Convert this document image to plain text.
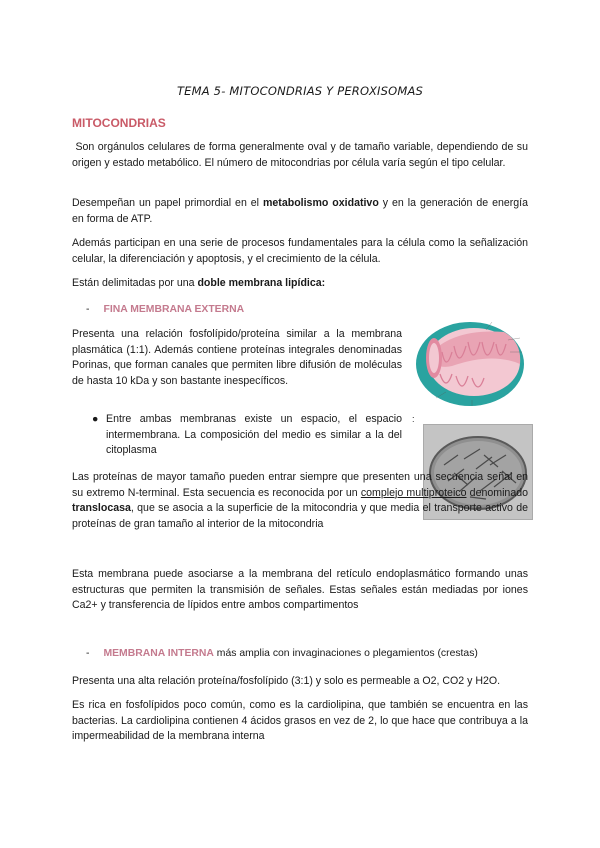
TEMA 5- MITOCONDRIAS Y PEROXISOMAS
MITOCONDRIAS

Son orgánulos celulares de forma generalmente oval y de tamaño variable, dependiendo de su origen y estado metabólico. El número de mitocondrias por célula varía según el tipo celular.

Desempeñan un papel primordial en el metabolismo oxidativo y en la generación de energía en forma de ATP.

Además participan en una serie de procesos fundamentales para la célula como la señalización celular, la diferenciación y apoptosis, y el crecimiento de la célula.

Están delimitadas por una doble membrana lipídica:

- FINA MEMBRANA EXTERNA

Presenta una relación fosfolípido/proteína similar a la membrana plasmática (1:1). Además contiene proteínas integrales denominadas Porinas, que forman canales que permiten libre difusión de moléculas de hasta 10 kDa y son bastante inespecíficos.

● Entre ambas membranas existe un espacio, el espacio intermembrana. La composición del medio es similar a la del citoplasma
:

Las proteínas de mayor tamaño pueden entrar siempre que presenten una secuencia señal en su extremo N-terminal. Esta secuencia es reconocida por un complejo multiproteico denominado translocasa, que se asocia a la superficie de la mitocondria y que media el transporte activo de proteínas de gran tamaño al interior de la mitocondria

Esta membrana puede asociarse a la membrana del retículo endoplasmático formando unas estructuras que permiten la transmisión de señales. Estas señales están mediadas por iones Ca2+ y transferencia de lípidos entre ambos compartimentos

- MEMBRANA INTERNA más amplia con invaginaciones o plegamientos (crestas)

Presenta una alta relación proteína/fosfolípido (3:1) y solo es permeable a O2, CO2 y H2O.

Es rica en fosfolípidos poco común, como es la cardiolipina, que también se encuentra en las bacterias. La cardiolipina contienen 4 ácidos grasos en vez de 2, lo que hace que contribuya a la impermeabilidad de la membrana interna
